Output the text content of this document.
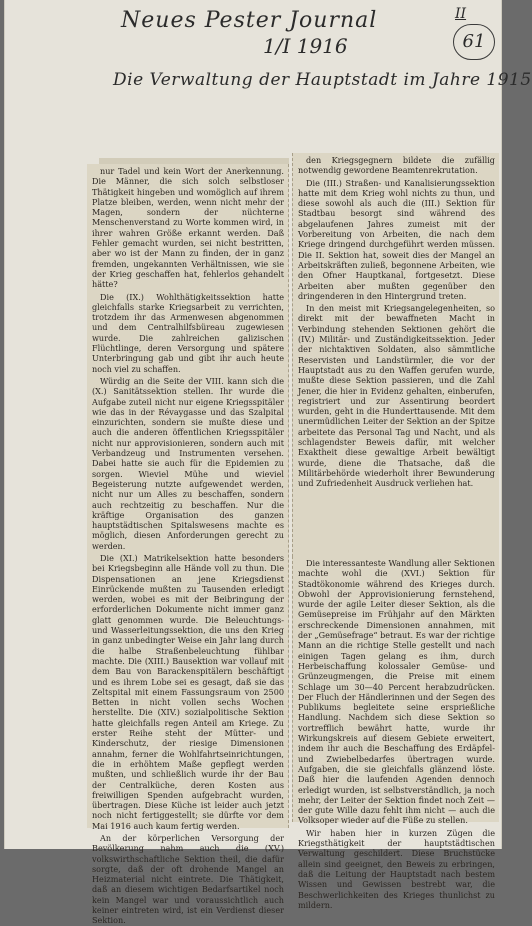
Neues Pester Journal	II
1/I 1916	61
Die Verwaltung der Hauptstadt im Jahre 1915

nur Tadel und kein Wort der Anerkennung. Die Männer, die sich solch selbstloser Thätigkeit hingeben und womöglich auf ihrem Platze bleiben, werden, wenn nicht mehr der Magen, sondern der nüchterne Menschenverstand zu Worte kommen wird, in ihrer wahren Größe erkannt werden. Daß Fehler gemacht wurden, sei nicht bestritten, aber wo ist der Mann zu finden, der in ganz fremden, ungekannten Verhältnissen, wie sie der Krieg geschaffen hat, fehlerlos gehandelt hätte?

Die (IX.) Wohlthätigkeitssektion hatte gleichfalls starke Kriegsarbeit zu verrichten, trotzdem ihr das Armenwesen abgenommen und dem Centralhilfsbüreau zugewiesen wurde. Die zahlreichen galizischen Flüchtlinge, deren Versorgung und spätere Unterbringung gab und gibt ihr auch heute noch viel zu schaffen.

Würdig an die Seite der VIII. kann sich die (X.) Sanitätssektion stellen. Ihr wurde die Aufgabe zuteil nicht nur eigene Kriegsspitäler wie das in der Révaygasse und das Szalpital einzurichten, sondern sie mußte diese und auch die anderen öffentlichen Kriegsspitäler nicht nur approvisionieren, sondern auch mit Verbandzeug und Instrumenten versehen. Dabei hatte sie auch für die Epidemien zu sorgen. Wieviel Mühe und wieviel Begeisterung nutzte aufgewendet werden, nicht nur um Alles zu beschaffen, sondern auch rechtzeitig zu beschaffen. Nur die kräftige Organisation des ganzen hauptstädtischen Spitalswesens machte es möglich, diesen Anforderungen gerecht zu werden.

Die (XI.) Matrikelsektion hatte besonders bei Kriegsbeginn alle Hände voll zu thun. Die Dispensationen an jene Kriegsdienst Einrückende mußten zu Tausenden erledigt werden, wobei es mit der Beibringung der erforderlichen Dokumente nicht immer ganz glatt genommen wurde. Die Beleuchtungs- und Wasserleitungssektion, die uns den Krieg in ganz unbedingter Weise ein Jahr lang durch die halbe Straßenbeleuchtung fühlbar machte. Die (XIII.) Bausektion war vollauf mit dem Bau von Barackenspitälern beschäftigt und es ihrem Lobe sei es gesagt, daß sie das Zeltspital mit einem Fassungsraum von 2500 Betten in nicht vollen sechs Wochen herstellte. Die (XIV.) sozialpolitische Sektion hatte gleichfalls regen Anteil am Kriege. Zu erster Reihe steht der Mütter- und Kinderschutz, der riesige Dimensionen annahm, ferner die Wohlfahrtseinrichtungen, die in erhöhtem Maße gepflegt werden mußten, und schließlich wurde ihr der Bau der Centralküche, deren Kosten aus freiwilligen Spenden aufgebracht wurden, übertragen. Diese Küche ist leider auch jetzt noch nicht fertiggestellt; sie dürfte vor dem Mai 1916 auch kaum fertig werden.

An der körperlichen Versorgung der Bevölkerung nahm auch die (XV.) volkswirthschaftliche Sektion theil, die dafür sorgte, daß der oft drohende Mangel an Heizmaterial nicht eintrete. Die Thätigkeit, daß an diesem wichtigen Bedarfsartikel noch kein Mangel war und voraussichtlich auch keiner eintreten wird, ist ein Verdienst dieser Sektion.

den Kriegsgegnern bildete die zufällig notwendig gewordene Beamtenrekrutation.

Die (III.) Straßen- und Kanalisierungssektion hatte mit dem Krieg wohl nichts zu thun, und diese sowohl als auch die (III.) Sektion für Stadtbau besorgt sind während des abgelaufenen Jahres zumeist mit der Vorbereitung von Arbeiten, die nach dem Kriege dringend durchgeführt werden müssen. Die II. Sektion hat, soweit dies der Mangel an Arbeitskräften zuließ, begonnene Arbeiten, wie den Ofner Hauptkanal, fortgesetzt. Diese Arbeiten aber mußten gegenüber den dringenderen in den Hintergrund treten.

In den meist mit Kriegsangelegenheiten, so direkt mit der bewaffneten Macht in Verbindung stehenden Sektionen gehört die (IV.) Militär- und Zuständigkeitssektion. Jeder der nichtaktiven Soldaten, also sämmtliche Reservisten und Landstürmler, die vor der Hauptstadt aus zu den Waffen gerufen wurde, mußte diese Sektion passieren, und die Zahl Jener, die hier in Evidenz gehalten, einberufen, registriert und zur Assentirung beordert wurden, geht in die Hunderttausende. Mit dem unermüdlichen Leiter der Sektion an der Spitze arbeitete das Personal Tag und Nacht, und als schlagendster Beweis dafür, mit welcher Exaktheit diese gewaltige Arbeit bewältigt wurde, diene die Thatsache, daß die Militärbehörde wiederholt ihrer Bewunderung und Zufriedenheit Ausdruck verliehen hat.

Die interessanteste Wandlung aller Sektionen machte wohl die (XVI.) Sektion für Stadtökonomie während des Krieges durch. Obwohl der Approvisionierung fernstehend, wurde der agile Leiter dieser Sektion, als die Gemüsepreise im Frühjahr auf den Märkten erschreckende Dimensionen annahmen, mit der „Gemüsefrage“ betraut. Es war der richtige Mann an die richtige Stelle gestellt und nach einigen Tagen gelang es ihm, durch Herbeischaffung kolossaler Gemüse- und Grünzeugmengen, die Preise mit einem Schlage um 30—40 Percent herabzudrücken. Der Fluch der Händlerinnen und der Segen des Publikums begleitete seine ersprießliche Handlung. Nachdem sich diese Sektion so vortrefflich bewährt hatte, wurde ihr Wirkungskreis auf diesem Gebiete erweitert, indem ihr auch die Beschaffung des Erdäpfel- und Zwiebelbedarfes übertragen wurde. Aufgaben, die sie gleichfalls glänzend löste. Daß hier die laufenden Agenden dennoch erledigt wurden, ist selbstverständlich, ja noch mehr, der Leiter der Sektion findet noch Zeit — der gute Wille dazu fehlt ihm nicht — auch die Volksoper wieder auf die Füße zu stellen.

Wir haben hier in kurzen Zügen die Kriegsthätigkeit der hauptstädtischen Verwaltung geschildert. Diese Bruchstücke allein sind geeignet, den Beweis zu erbringen, daß die Leitung der Hauptstadt nach bestem Wissen und Gewissen bestrebt war, die Beschwerlichkeiten des Krieges thunlichst zu mildern.
